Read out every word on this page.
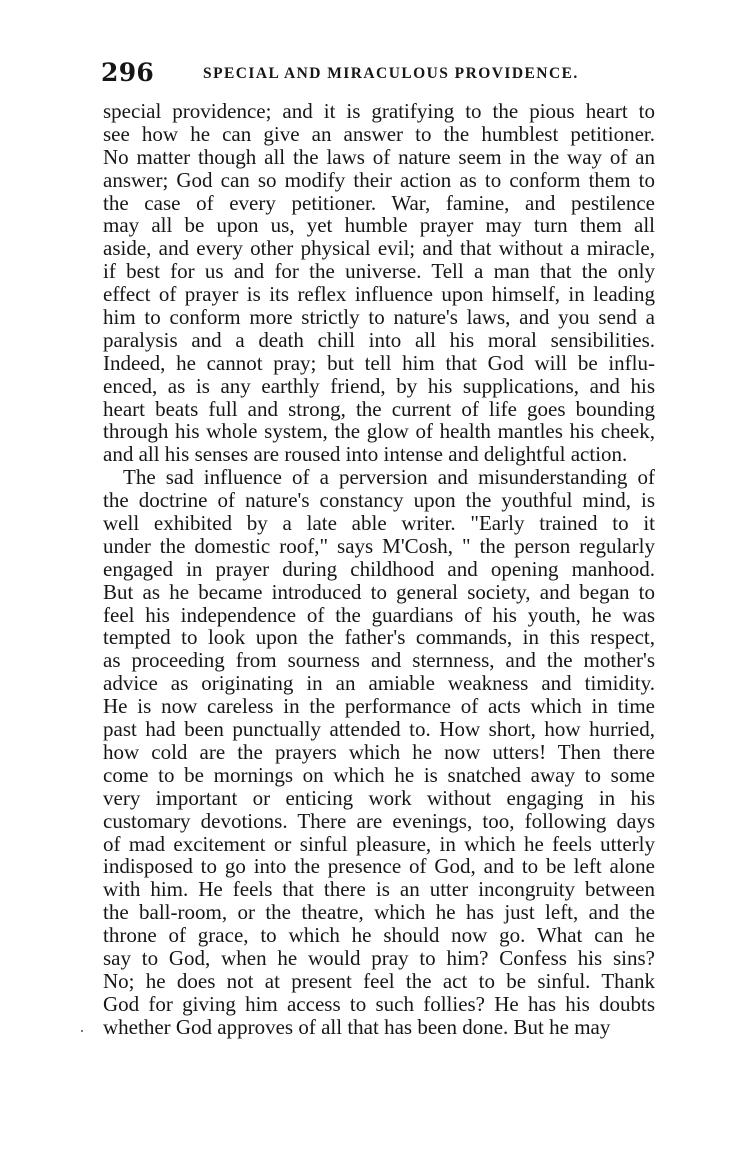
296	SPECIAL AND MIRACULOUS PROVIDENCE.
special providence; and it is gratifying to the pious heart to
see how he can give an answer to the humblest petitioner.
No matter though all the laws of nature seem in the way of an
answer; God can so modify their action as to conform them to
the case of every petitioner. War, famine, and pestilence
may all be upon us, yet humble prayer may turn them all
aside, and every other physical evil; and that without a miracle,
if best for us and for the universe. Tell a man that the only
effect of prayer is its reflex influence upon himself, in leading
him to conform more strictly to nature's laws, and you send a
paralysis and a death chill into all his moral sensibilities.
Indeed, he cannot pray; but tell him that God will be influ-
enced, as is any earthly friend, by his supplications, and his
heart beats full and strong, the current of life goes bounding
through his whole system, the glow of health mantles his cheek,
and all his senses are roused into intense and delightful action.
The sad influence of a perversion and misunderstanding of
the doctrine of nature's constancy upon the youthful mind, is
well exhibited by a late able writer. "Early trained to it
under the domestic roof," says M'Cosh, " the person regularly
engaged in prayer during childhood and opening manhood.
But as he became introduced to general society, and began to
feel his independence of the guardians of his youth, he was
tempted to look upon the father's commands, in this respect,
as proceeding from sourness and sternness, and the mother's
advice as originating in an amiable weakness and timidity.
He is now careless in the performance of acts which in time
past had been punctually attended to. How short, how hurried,
how cold are the prayers which he now utters! Then there
come to be mornings on which he is snatched away to some
very important or enticing work without engaging in his
customary devotions. There are evenings, too, following days
of mad excitement or sinful pleasure, in which he feels utterly
indisposed to go into the presence of God, and to be left alone
with him. He feels that there is an utter incongruity between
the ball-room, or the theatre, which he has just left, and the
throne of grace, to which he should now go. What can he
say to God, when he would pray to him? Confess his sins?
No; he does not at present feel the act to be sinful. Thank
God for giving him access to such follies? He has his doubts
whether God approves of all that has been done. But he may
